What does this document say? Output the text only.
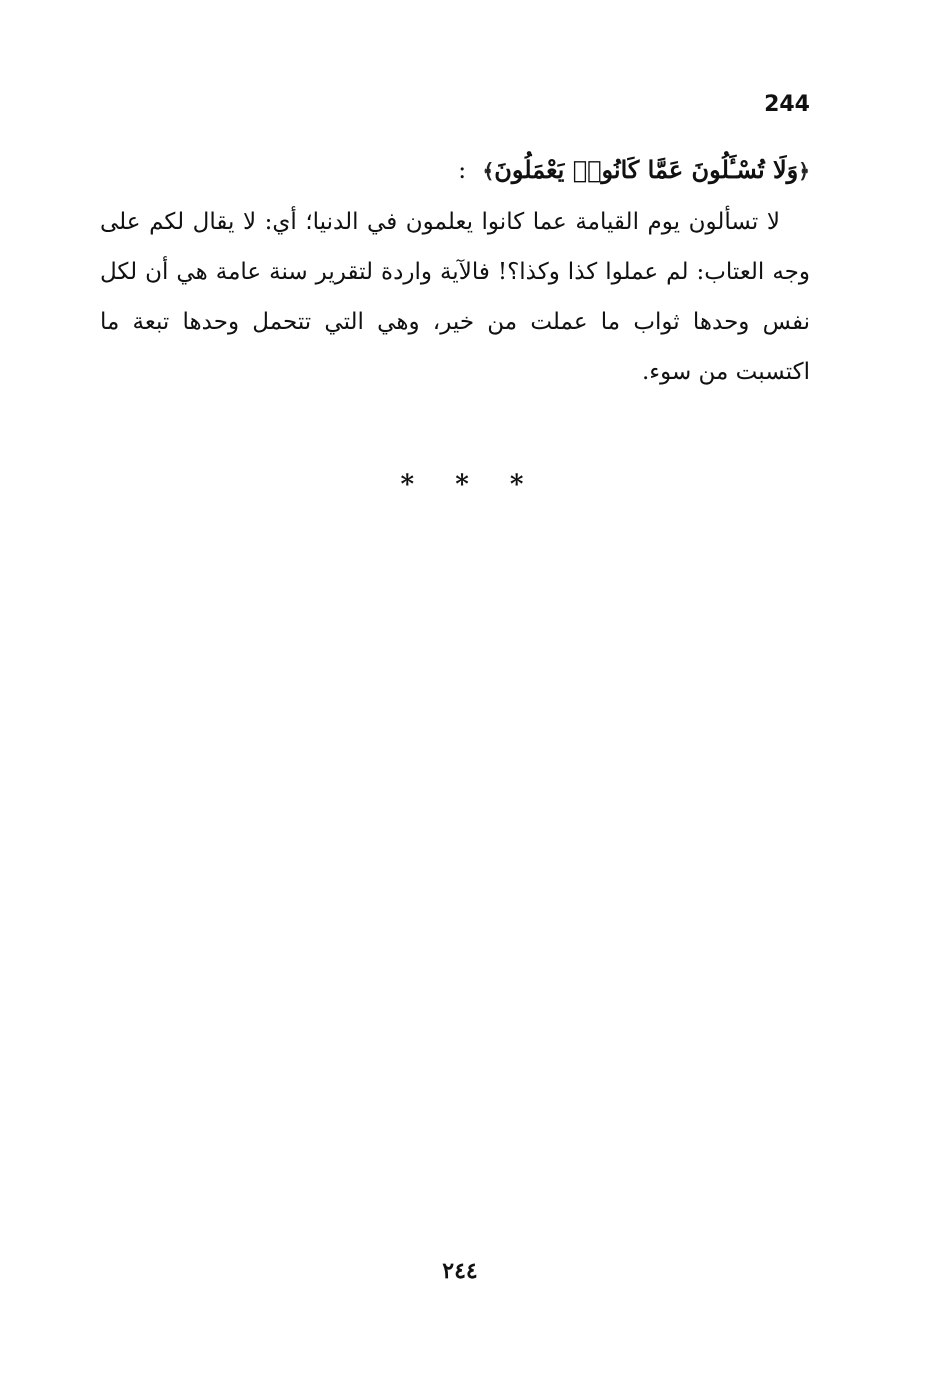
244

﴿وَلَا تُسْـَٔلُونَ عَمَّا كَانُوا۟ يَعْمَلُونَ﴾ :

لا تسألون يوم القيامة عما كانوا يعلمون في الدنيا؛ أي: لا يقال لكم على وجه العتاب: لم عملوا كذا وكذا؟! فالآية واردة لتقرير سنة عامة هي أن لكل نفس وحدها ثواب ما عملت من خير، وهي التي تتحمل وحدها تبعة ما اكتسبت من سوء.

* * *
٢٤٤
